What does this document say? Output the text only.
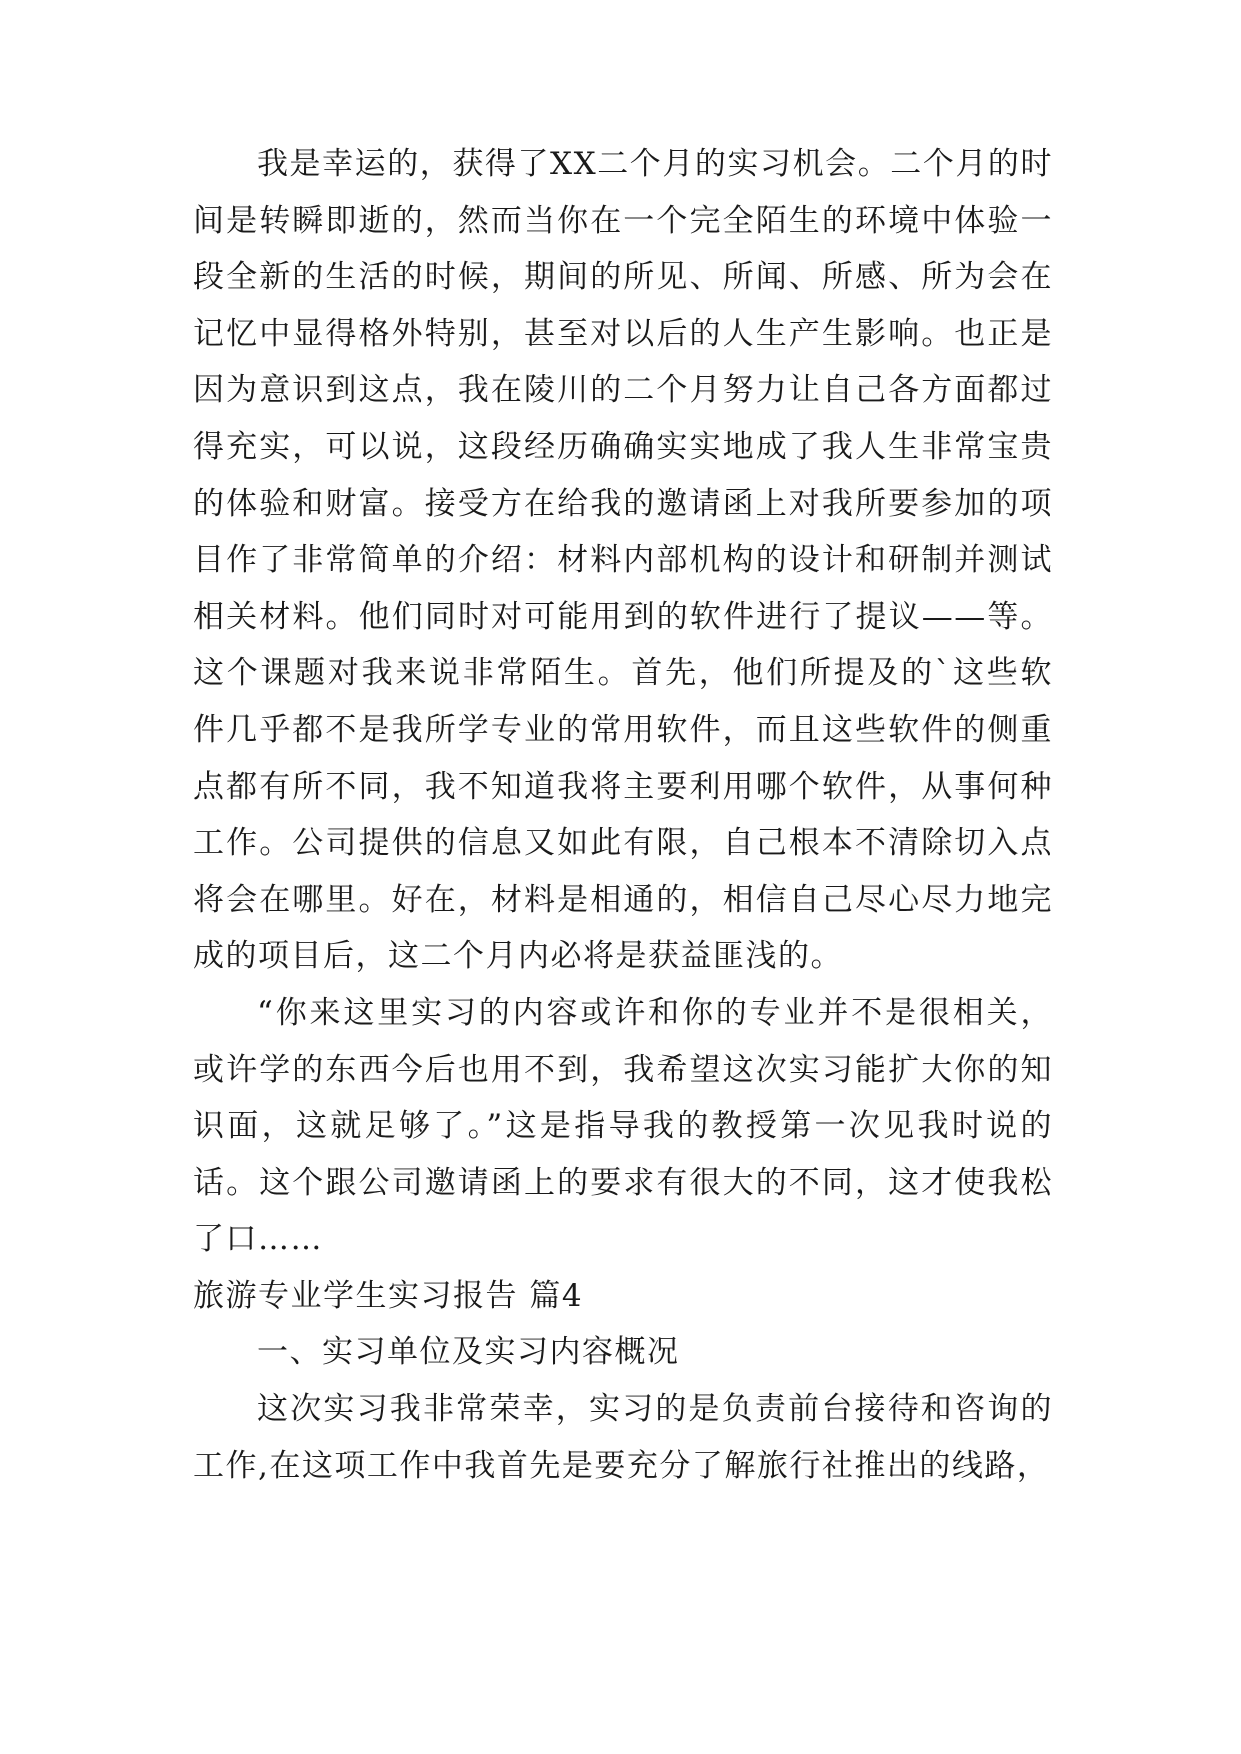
我是幸运的，获得了XX二个月的实习机会。二个月的时间是转瞬即逝的，然而当你在一个完全陌生的环境中体验一段全新的生活的时候，期间的所见、所闻、所感、所为会在记忆中显得格外特别，甚至对以后的人生产生影响。也正是因为意识到这点，我在陵川的二个月努力让自己各方面都过得充实，可以说，这段经历确确实实地成了我人生非常宝贵的体验和财富。接受方在给我的邀请函上对我所要参加的项目作了非常简单的介绍：材料内部机构的设计和研制并测试相关材料。他们同时对可能用到的软件进行了提议——等。这个课题对我来说非常陌生。首先，他们所提及的`这些软件几乎都不是我所学专业的常用软件，而且这些软件的侧重点都有所不同，我不知道我将主要利用哪个软件，从事何种工作。公司提供的信息又如此有限，自己根本不清除切入点将会在哪里。好在，材料是相通的，相信自己尽心尽力地完成的项目后，这二个月内必将是获益匪浅的。

“你来这里实习的内容或许和你的专业并不是很相关，或许学的东西今后也用不到，我希望这次实习能扩大你的知识面，这就足够了。”这是指导我的教授第一次见我时说的话。这个跟公司邀请函上的要求有很大的不同，这才使我松了口……

旅游专业学生实习报告 篇4

一、实习单位及实习内容概况

这次实习我非常荣幸，实习的是负责前台接待和咨询的工作,在这项工作中我首先是要充分了解旅行社推出的线路，
